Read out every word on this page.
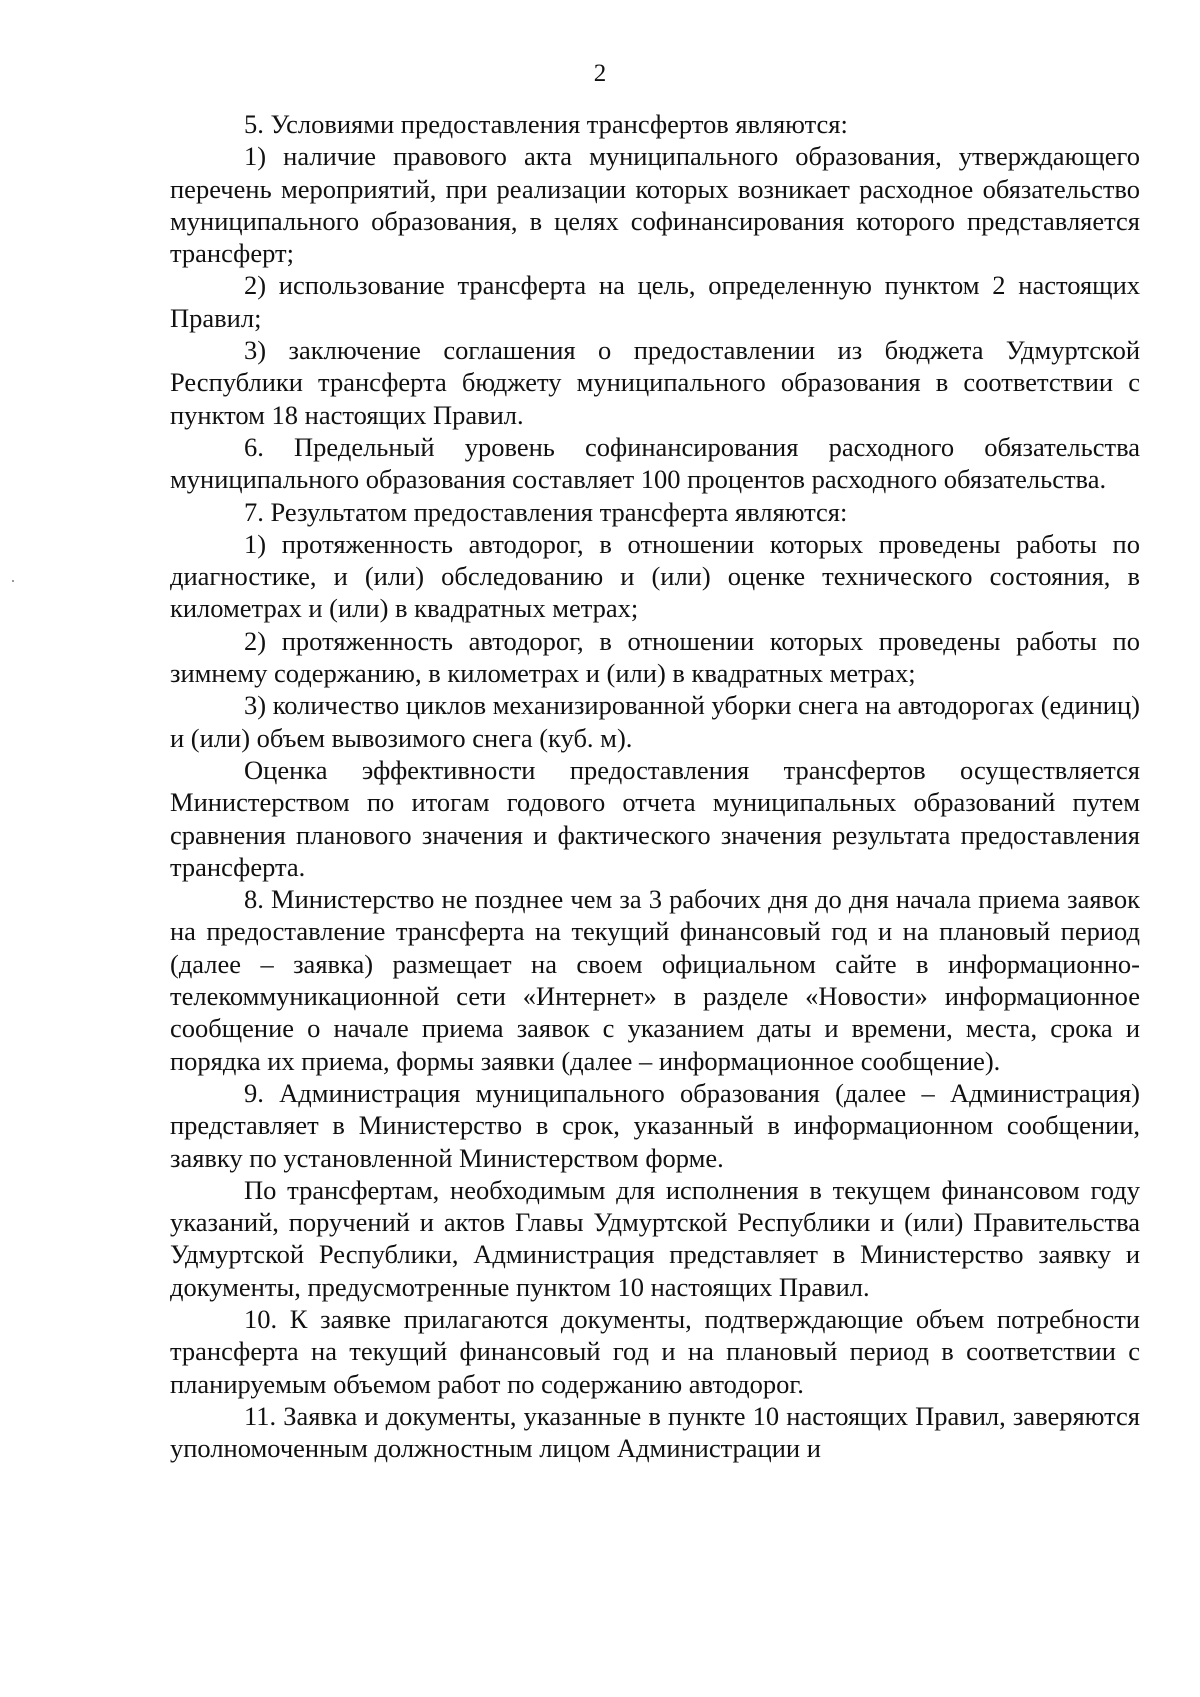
2

5. Условиями предоставления трансфертов являются:

1) наличие правового акта муниципального образования, утверждающего перечень мероприятий, при реализации которых возникает расходное обязательство муниципального образования, в целях софинансирования которого представляется трансферт;

2) использование трансферта на цель, определенную пунктом 2 настоящих Правил;

3) заключение соглашения о предоставлении из бюджета Удмуртской Республики трансферта бюджету муниципального образования в соответствии с пунктом 18 настоящих Правил.

6. Предельный уровень софинансирования расходного обязательства муниципального образования составляет 100 процентов расходного обязательства.

7. Результатом предоставления трансферта являются:

1) протяженность автодорог, в отношении которых проведены работы по диагностике, и (или) обследованию и (или) оценке технического состояния, в километрах и (или) в квадратных метрах;

2) протяженность автодорог, в отношении которых проведены работы по зимнему содержанию, в километрах и (или) в квадратных метрах;

3) количество циклов механизированной уборки снега на автодорогах (единиц) и (или) объем вывозимого снега (куб. м).

Оценка эффективности предоставления трансфертов осуществляется Министерством по итогам годового отчета муниципальных образований путем сравнения планового значения и фактического значения результата предоставления трансферта.

8. Министерство не позднее чем за 3 рабочих дня до дня начала приема заявок на предоставление трансферта на текущий финансовый год и на плановый период (далее – заявка) размещает на своем официальном сайте в информационно-телекоммуникационной сети «Интернет» в разделе «Новости» информационное сообщение о начале приема заявок с указанием даты и времени, места, срока и порядка их приема, формы заявки (далее – информационное сообщение).

9. Администрация муниципального образования (далее – Администрация) представляет в Министерство в срок, указанный в информационном сообщении, заявку по установленной Министерством форме.

По трансфертам, необходимым для исполнения в текущем финансовом году указаний, поручений и актов Главы Удмуртской Республики и (или) Правительства Удмуртской Республики, Администрация представляет в Министерство заявку и документы, предусмотренные пунктом 10 настоящих Правил.

10. К заявке прилагаются документы, подтверждающие объем потребности трансферта на текущий финансовый год и на плановый период в соответствии с планируемым объемом работ по содержанию автодорог.

11. Заявка и документы, указанные в пункте 10 настоящих Правил, заверяются уполномоченным должностным лицом Администрации и
